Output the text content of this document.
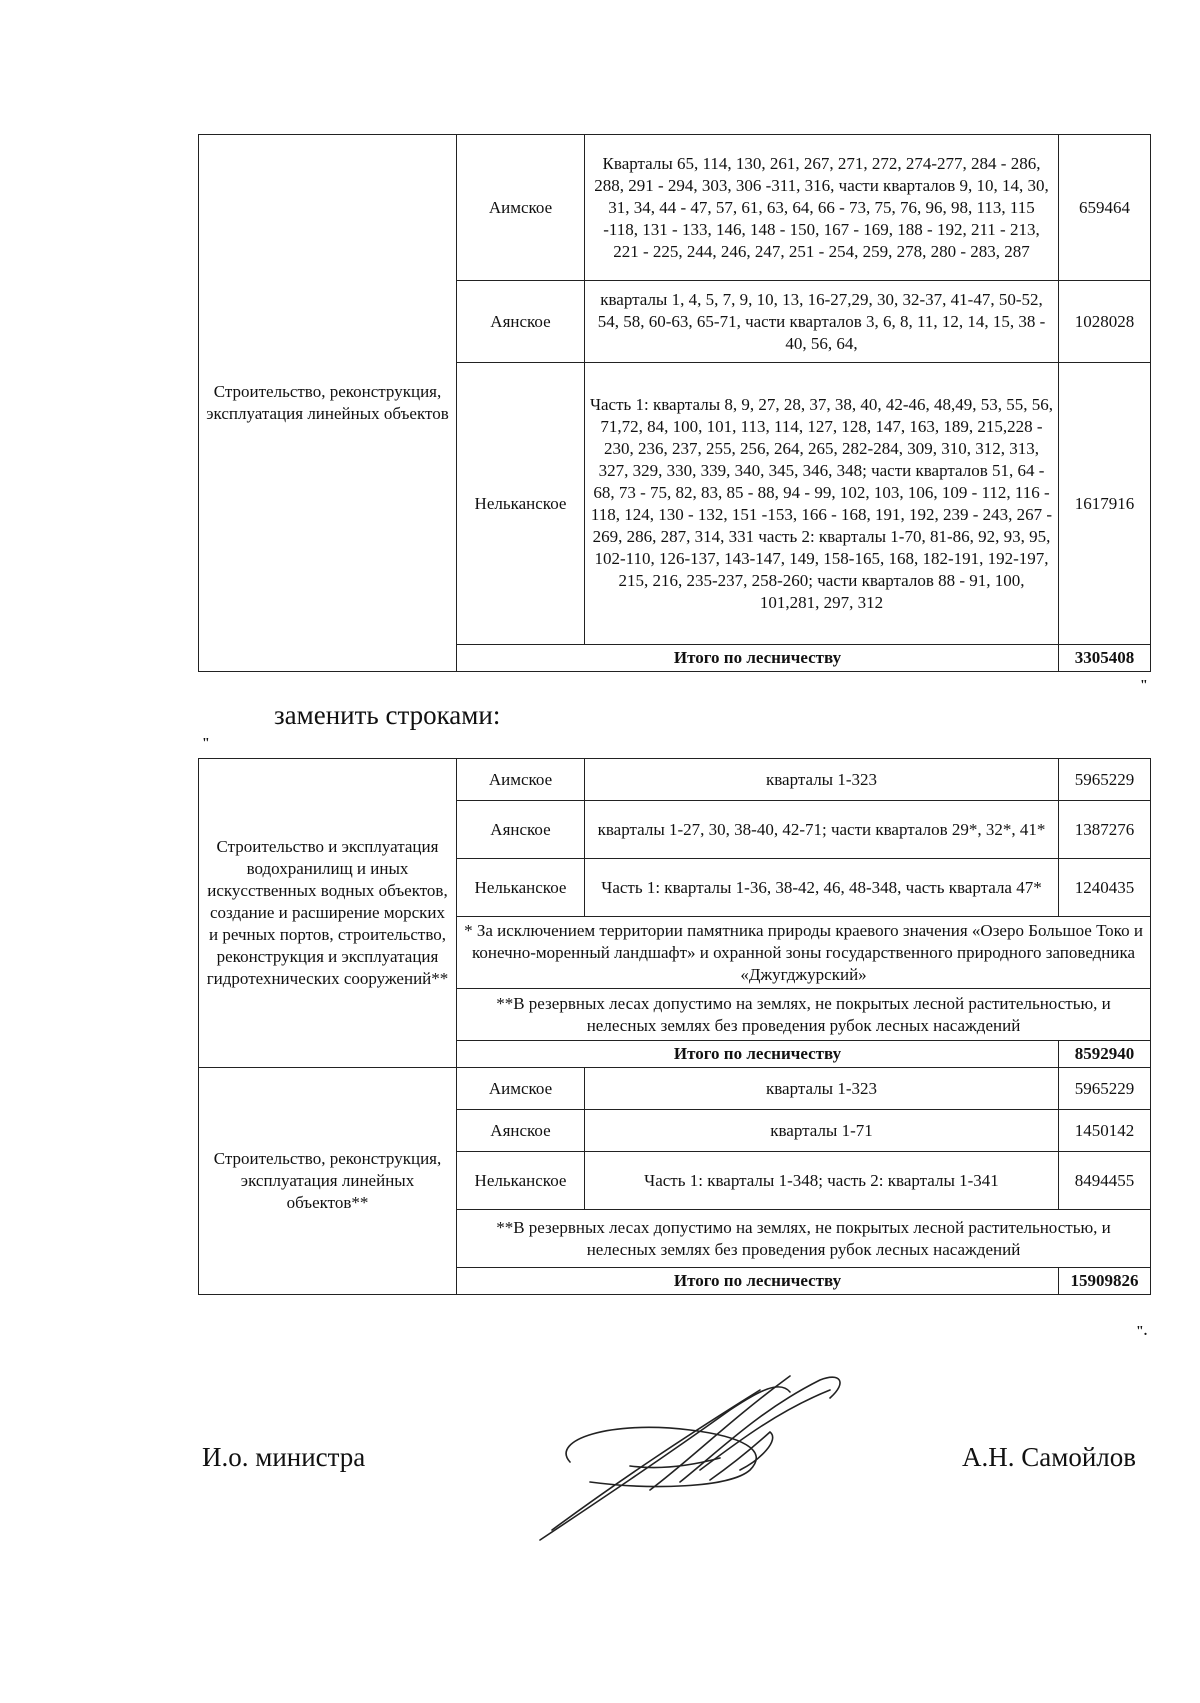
Строительство, реконструкция, эксплуатация линейных объектов	Аимское	Кварталы 65, 114, 130, 261, 267, 271, 272, 274-277, 284 - 286, 288, 291 - 294, 303, 306 -311, 316, части кварталов 9, 10, 14, 30, 31, 34, 44 - 47, 57, 61, 63, 64, 66 - 73, 75, 76, 96, 98, 113, 115 -118, 131 - 133, 146, 148 - 150, 167 - 169, 188 - 192, 211 - 213, 221 - 225, 244, 246, 247, 251 - 254, 259, 278, 280 - 283, 287	659464
	Аянское	кварталы 1, 4, 5, 7, 9, 10, 13, 16-27,29, 30, 32-37, 41-47, 50-52, 54, 58, 60-63, 65-71, части кварталов 3, 6, 8, 11, 12, 14, 15, 38 - 40, 56, 64,	1028028
	Нельканское	Часть 1: кварталы 8, 9, 27, 28, 37, 38, 40, 42-46, 48,49, 53, 55, 56, 71,72, 84, 100, 101, 113, 114, 127, 128, 147, 163, 189, 215,228 - 230, 236, 237, 255, 256, 264, 265, 282-284, 309, 310, 312, 313, 327, 329, 330, 339, 340, 345, 346, 348; части кварталов 51, 64 - 68, 73 - 75, 82, 83, 85 - 88, 94 - 99, 102, 103, 106, 109 - 112, 116 - 118, 124, 130 - 132, 151 -153, 166 - 168, 191, 192, 239 - 243, 267 - 269, 286, 287, 314, 331 часть 2: кварталы 1-70, 81-86, 92, 93, 95, 102-110, 126-137, 143-147, 149, 158-165, 168, 182-191, 192-197, 215, 216, 235-237, 258-260; части кварталов 88 - 91, 100, 101,281, 297, 312	1617916
	Итого по лесничеству		3305408
"
заменить строками:
"
Строительство и эксплуатация водохранилищ и иных искусственных водных объектов, создание и расширение морских и речных портов, строительство, реконструкция и эксплуатация гидротехнических сооружений**	Аимское	кварталы 1-323	5965229
	Аянское	кварталы 1-27, 30, 38-40, 42-71; части кварталов 29*, 32*, 41*	1387276
	Нельканское	Часть 1: кварталы 1-36, 38-42, 46, 48-348, часть квартала 47*	1240435
	* За исключением территории памятника природы краевого значения «Озеро Большое Токо и конечно-моренный ландшафт» и охранной зоны государственного природного заповедника «Джугджурский»		
	**В резервных лесах допустимо на землях, не покрытых лесной растительностью, и нелесных землях без проведения рубок лесных насаждений		
	Итого по лесничеству		8592940
Строительство, реконструкция, эксплуатация линейных объектов**	Аимское	кварталы 1-323	5965229
	Аянское	кварталы 1-71	1450142
	Нельканское	Часть 1: кварталы 1-348; часть 2: кварталы 1-341	8494455
	**В резервных лесах допустимо на землях, не покрытых лесной растительностью, и нелесных землях без проведения рубок лесных насаждений		
	Итого по лесничеству		15909826
".
И.о. министра	А.Н. Самойлов
